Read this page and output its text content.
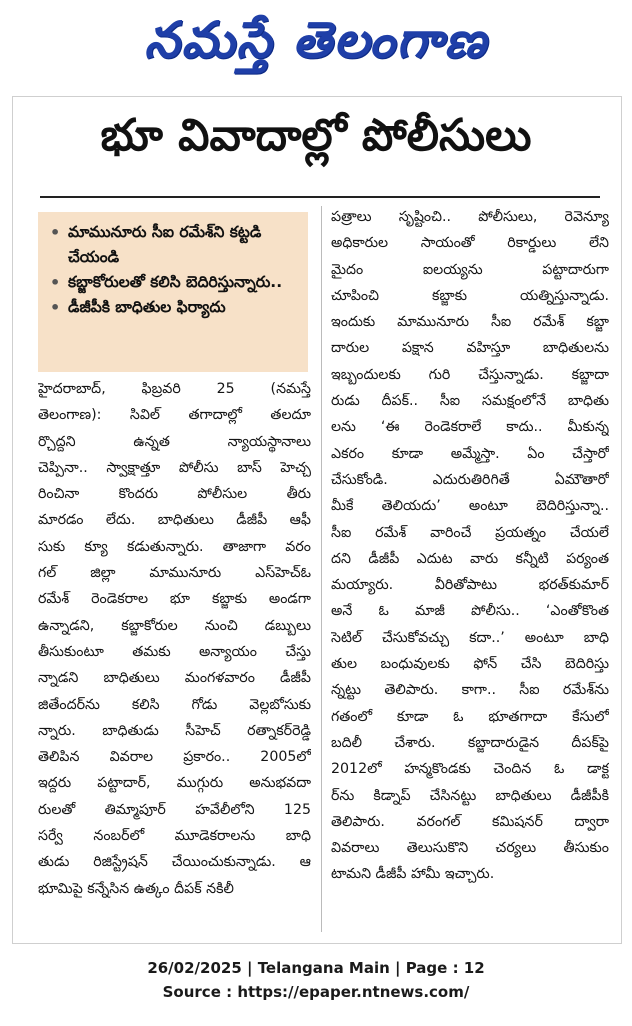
నమస్తే తెలంగాణ
భూ వివాదాల్లో పోలీసులు
• మామునూరు సీఐ రమేశ్‌ని కట్టడి చేయండి
• కబ్జాకోరులతో కలిసి బెదిరిస్తున్నారు..
• డీజీపీకి బాధితుల ఫిర్యాదు
హైదరాబాద్, ఫిబ్రవరి 25 (నమస్తే
తెలంగాణ): సివిల్ తగాదాల్లో తలదూ
ర్చొద్దని ఉన్నత న్యాయస్థానాలు
చెప్పినా.. స్వాక్షాత్తూ పోలీసు బాస్ హెచ్చ
రించినా కొందరు పోలీసుల తీరు
మారడం లేదు. బాధితులు డీజీపీ ఆఫీ
సుకు క్యూ కడుతున్నారు. తాజాగా వరం
గల్ జిల్లా మామునూరు ఎస్‌హెచ్‌ఓ
రమేశ్ రెండెకరాల భూ కబ్జాకు అండగా
ఉన్నాడని, కబ్జాకోరుల నుంచి డబ్బులు
తీసుకుంటూ తమకు అన్యాయం చేస్తు
న్నాడని బాధితులు మంగళవారం డీజీపీ
జితేందర్‌ను కలిసి గోడు వెల్లబోసుకు
న్నారు. బాధితుడు సీహెచ్ రత్నాకర్‌రెడ్డి
తెలిపిన వివరాల ప్రకారం.. 2005లో
ఇద్దరు పట్టాదార్, ముగ్గురు అనుభవదా
రులతో తిమ్మాపూర్ హవేలీలోని 125
సర్వే నంబర్‌లో మూడెకరాలను బాధి
తుడు రిజిస్ట్రేషన్ చేయించుకున్నాడు. ఆ
భూమిపై కన్నేసిన ఉత్కం దీపక్ నకిలీ
పత్రాలు సృష్టించి.. పోలీసులు, రెవెన్యూ
అధికారుల సాయంతో రికార్డులు లేని
మైదం ఐలయ్యను పట్టాదారుగా
చూపించి కబ్జాకు యత్నిస్తున్నాడు.
ఇందుకు మామునూరు సీఐ రమేశ్ కబ్జా
దారుల పక్షాన వహిస్తూ బాధితులను
ఇబ్బందులకు గురి చేస్తున్నాడు. కబ్జాదా
రుడు దీపక్.. సీఐ సమక్షంలోనే బాధితు
లను ‘ఈ రెండెకరాలే కాదు.. మీకున్న
ఎకరం కూడా అమ్మేస్తా. ఏం చేస్తారో
చేసుకోండి. ఎదురుతిరిగితే ఏమౌతారో
మీకే తెలియదు’ అంటూ బెదిరిస్తున్నా..
సీఐ రమేశ్ వారించే ప్రయత్నం చేయలే
దని డీజీపీ ఎదుట వారు కన్నీటి పర్యంత
మయ్యారు. వీరితోపాటు భరత్‌కుమార్
అనే ఓ మాజీ పోలీసు.. ‘ఎంతోకొంత
సెటిల్ చేసుకోవచ్చు కదా..’ అంటూ బాధి
తుల బంధువులకు ఫోన్ చేసి బెదిరిస్తు
న్నట్టు తెలిపారు. కాగా.. సీఐ రమేశ్‌ను
గతంలో కూడా ఓ భూతగాదా కేసులో
బదిలీ చేశారు. కబ్జాదారుడైన దీపక్‌పై
2012లో హన్మకొండకు చెందిన ఓ డాక్ట
ర్‌ను కిడ్నాప్ చేసినట్టు బాధితులు డీజీపీకి
తెలిపారు. వరంగల్ కమిషనర్ ద్వారా
వివరాలు తెలుసుకొని చర్యలు తీసుకుం
టామని డీజీపీ హామీ ఇచ్చారు.
26/02/2025 | Telangana Main | Page : 12
Source : https://epaper.ntnews.com/
